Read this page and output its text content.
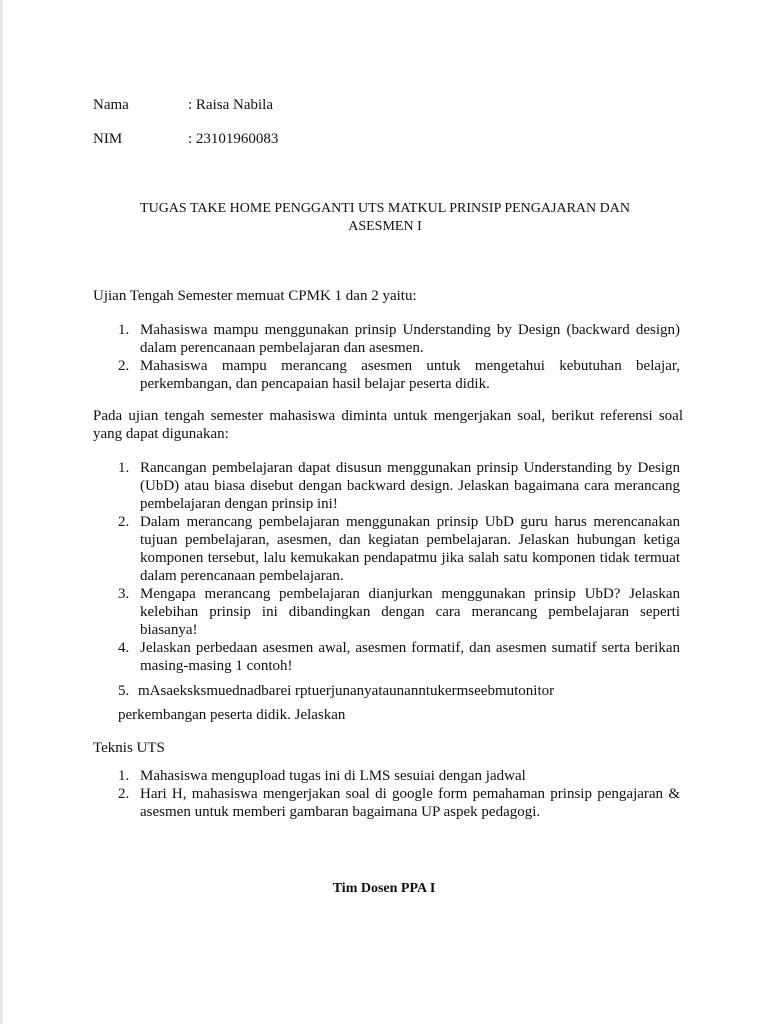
Nama	: Raisa Nabila
NIM	: 23101960083
TUGAS TAKE HOME PENGGANTI UTS MATKUL PRINSIP PENGAJARAN DAN
ASESMEN I
Ujian Tengah Semester memuat CPMK 1 dan 2 yaitu:
1. Mahasiswa mampu menggunakan prinsip Understanding by Design (backward design) dalam perencanaan pembelajaran dan asesmen.
2. Mahasiswa mampu merancang asesmen untuk mengetahui kebutuhan belajar, perkembangan, dan pencapaian hasil belajar peserta didik.
Pada ujian tengah semester mahasiswa diminta untuk mengerjakan soal, berikut referensi soal yang dapat digunakan:
1. Rancangan pembelajaran dapat disusun menggunakan prinsip Understanding by Design (UbD) atau biasa disebut dengan backward design. Jelaskan bagaimana cara merancang pembelajaran dengan prinsip ini!
2. Dalam merancang pembelajaran menggunakan prinsip UbD guru harus merencanakan tujuan pembelajaran, asesmen, dan kegiatan pembelajaran. Jelaskan hubungan ketiga komponen tersebut, lalu kemukakan pendapatmu jika salah satu komponen tidak termuat dalam perencanaan pembelajaran.
3. Mengapa merancang pembelajaran dianjurkan menggunakan prinsip UbD? Jelaskan kelebihan prinsip ini dibandingkan dengan cara merancang pembelajaran seperti biasanya!
4. Jelaskan perbedaan asesmen awal, asesmen formatif, dan asesmen sumatif serta berikan masing-masing 1 contoh!
5. mAsaeksksmuednadbarei rptuerjunanyataunanntukermseebmutonitor
perkembangan peserta didik. Jelaskan
Teknis UTS
1. Mahasiswa mengupload tugas ini di LMS sesuiai dengan jadwal
2. Hari H, mahasiswa mengerjakan soal di google form pemahaman prinsip pengajaran & asesmen untuk memberi gambaran bagaimana UP aspek pedagogi.
Tim Dosen PPA I
